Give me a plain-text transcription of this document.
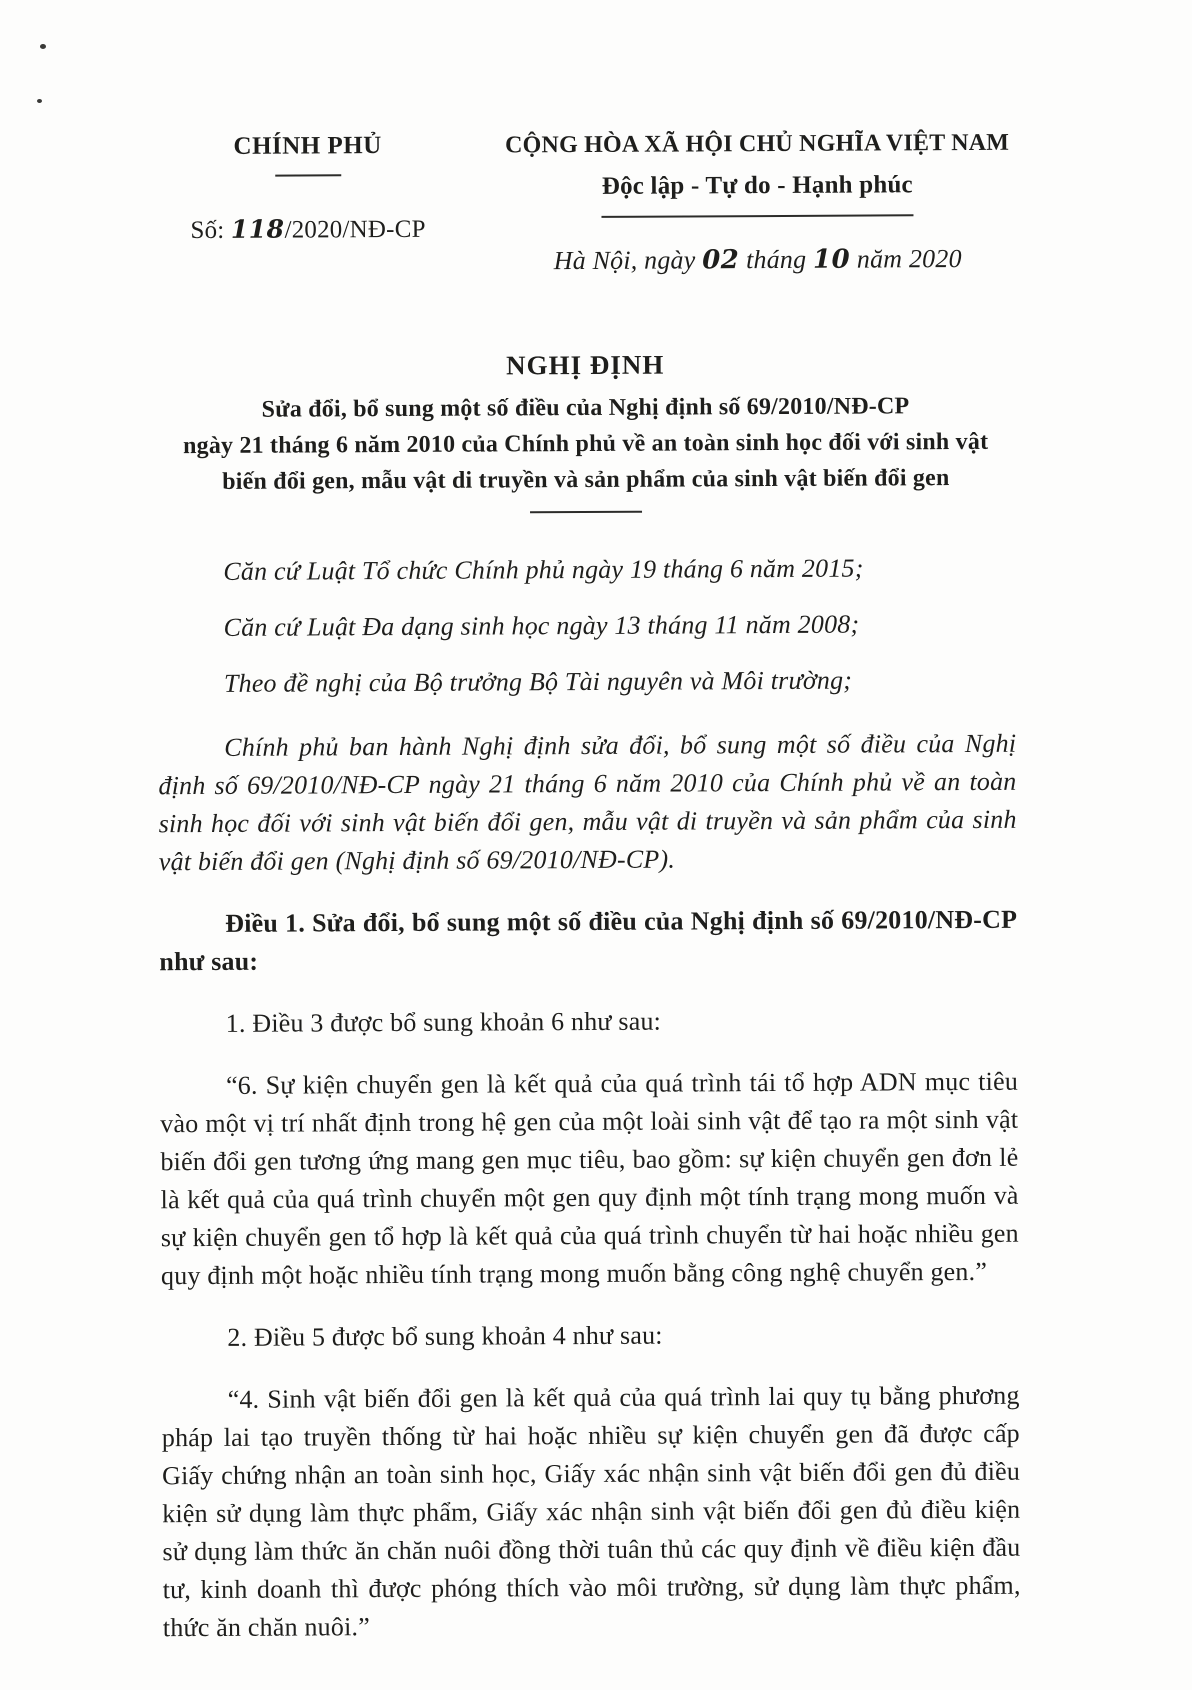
CHÍNH PHỦ
Số: 118/2020/NĐ-CP
CỘNG HÒA XÃ HỘI CHỦ NGHĨA VIỆT NAM
Độc lập - Tự do - Hạnh phúc
Hà Nội, ngày 02 tháng 10 năm 2020
NGHỊ ĐỊNH
Sửa đổi, bổ sung một số điều của Nghị định số 69/2010/NĐ-CP
ngày 21 tháng 6 năm 2010 của Chính phủ về an toàn sinh học đối với sinh vật
biến đổi gen, mẫu vật di truyền và sản phẩm của sinh vật biến đổi gen

Căn cứ Luật Tổ chức Chính phủ ngày 19 tháng 6 năm 2015;

Căn cứ Luật Đa dạng sinh học ngày 13 tháng 11 năm 2008;

Theo đề nghị của Bộ trưởng Bộ Tài nguyên và Môi trường;

Chính phủ ban hành Nghị định sửa đổi, bổ sung một số điều của Nghị định số 69/2010/NĐ-CP ngày 21 tháng 6 năm 2010 của Chính phủ về an toàn sinh học đối với sinh vật biến đổi gen, mẫu vật di truyền và sản phẩm của sinh vật biến đổi gen (Nghị định số 69/2010/NĐ-CP).

Điều 1. Sửa đổi, bổ sung một số điều của Nghị định số 69/2010/NĐ-CP như sau:

1. Điều 3 được bổ sung khoản 6 như sau:

“6. Sự kiện chuyển gen là kết quả của quá trình tái tổ hợp ADN mục tiêu vào một vị trí nhất định trong hệ gen của một loài sinh vật để tạo ra một sinh vật biến đổi gen tương ứng mang gen mục tiêu, bao gồm: sự kiện chuyển gen đơn lẻ là kết quả của quá trình chuyển một gen quy định một tính trạng mong muốn và sự kiện chuyển gen tổ hợp là kết quả của quá trình chuyển từ hai hoặc nhiều gen quy định một hoặc nhiều tính trạng mong muốn bằng công nghệ chuyển gen.”

2. Điều 5 được bổ sung khoản 4 như sau:

“4. Sinh vật biến đổi gen là kết quả của quá trình lai quy tụ bằng phương pháp lai tạo truyền thống từ hai hoặc nhiều sự kiện chuyển gen đã được cấp Giấy chứng nhận an toàn sinh học, Giấy xác nhận sinh vật biến đổi gen đủ điều kiện sử dụng làm thực phẩm, Giấy xác nhận sinh vật biến đổi gen đủ điều kiện sử dụng làm thức ăn chăn nuôi đồng thời tuân thủ các quy định về điều kiện đầu tư, kinh doanh thì được phóng thích vào môi trường, sử dụng làm thực phẩm, thức ăn chăn nuôi.”
